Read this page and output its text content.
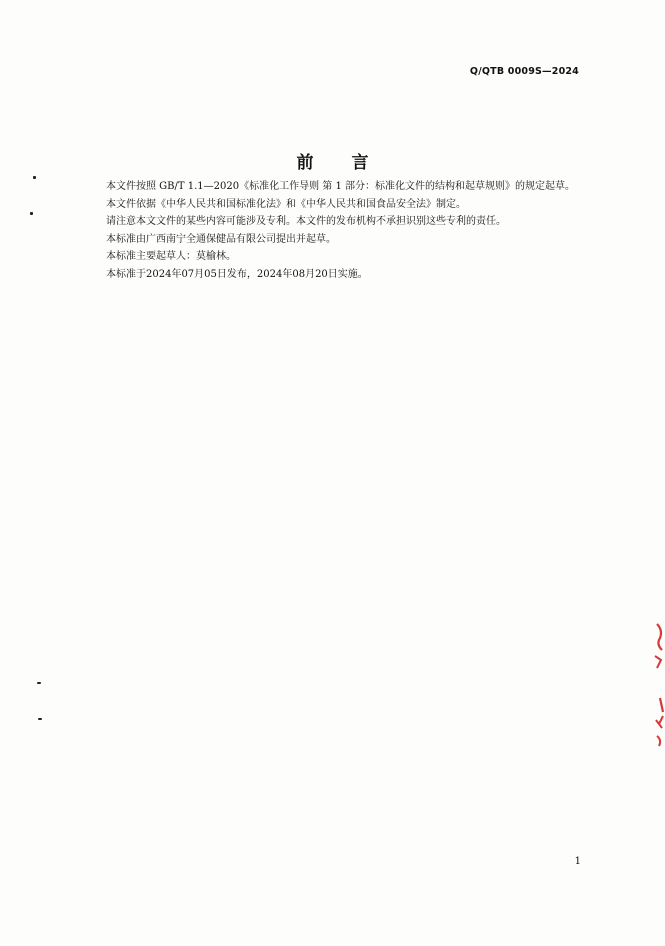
Q/QTB 0009S—2024
前 言

本文件按照 GB/T 1.1—2020《标准化工作导则 第 1 部分：标准化文件的结构和起草规则》的规定起草。

本文件依据《中华人民共和国标准化法》和《中华人民共和国食品安全法》制定。

请注意本文文件的某些内容可能涉及专利。本文件的发布机构不承担识别这些专利的责任。

本标准由广西南宁全通保健品有限公司提出并起草。

本标准主要起草人：莫榆林。

本标准于2024年07月05日发布，2024年08月20日实施。

1
